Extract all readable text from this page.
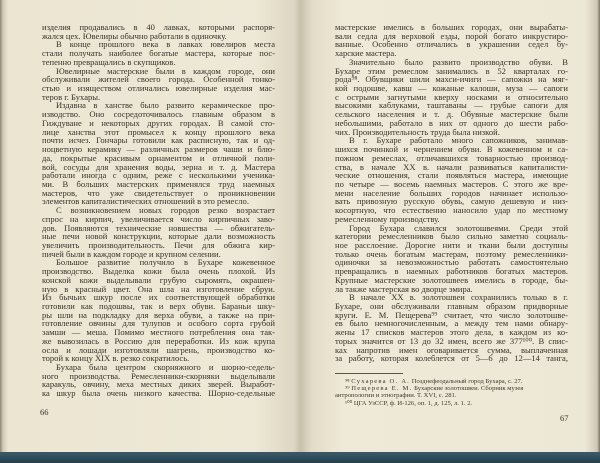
изделия продавались в 40 лавках, которыми распоря-
жался цех. Ювелиры обычно работали в одиночку.
В конце прошлого века в лавках ювелиров места
стали получать наиболее богатые мастера, которые пос-
тепенно превращались в скупщиков.
Ювелирные мастерские были в каждом городе, они
обслуживали жителей своего города. Особенной тонко-
стью и изяществом отличались ювелирные изделия мас-
теров г. Бухары.
Издавна в ханстве было развито керамическое про-
изводство. Оно сосредоточивалось главным образом в
Гиждуване и некоторых других городах. В самой сто-
лице ханства этот промысел к концу прошлого века
почти исчез. Гончары готовили как расписную, так и од-
ноцветную керамику — различных размеров чаши и блю-
да, покрытые красивым орнаментом и отличной поли-
вой, сосуды для хранения воды, зерна и т. д. Мастера
работали иногда с одним, реже с несколькими ученика-
ми. В больших мастерских применялся труд наемных
мастеров, что уже свидетельствует о проникновении
элементов капиталистических отношений в это ремесло.
С возникновением новых городов резко возрастает
спрос на кирпич, увеличивается число кирпичных заво-
дов. Появляются технические новшества — обжигатель-
ные печи новой конструкции, которые дали возможность
увеличить производительность. Печи для обжига кир-
пичей были в каждом городе и крупном селении.
Большое развитие получило в Бухаре кожевенное
производство. Выделка кожи была очень плохой. Из
конской кожи выделывали грубую сыромять, окрашен-
ную в красный цвет. Она шла на изготовление сбруи.
Из бычьих шкур после их соответствующей обработки
готовили как подошвы, так и верх обуви. Бараньи шку-
ры шли на подкладку для верха обуви, а также на при-
готовление овчины для тулупов и особого сорта грубой
замши — меша. Помимо местного потребления она так-
же вывозилась в Россию для переработки. Из кож крупа
осла и лошади изготовляли шагрень, производство ко-
торой к концу XIX в. резко сократилось.
Бухара была центром скорняжного и шорно-седель-
ного производства. Ремесленники-скорняки выделывали
каракуль, овчину, меха местных диких зверей. Выработ-
ка шкур была очень низкого качества. Шорно-седельные
66
мастерские имелись в больших городах, они вырабаты-
вали седла для верховой езды, порой богато инкрустиро-
ванные. Особенно отличались в украшении седел бу-
харские мастера.
Значительно было развито производство обуви. В
Бухаре этим ремеслом занимались в 52 кварталах го-
рода⁹⁸. Обувщики шили махси-ичиги — сапожки на мяг-
кой подошве, кавш — кожаные калоши, муза — сапоги
с острыми загнутыми кверху носками и относительно
высокими каблуками, таштаваны — грубые сапоги для
сельского населения и т. д. Обувные мастерские были
небольшими, работало в них от одного до шести рабо-
чих. Производительность труда была низкой.
В г. Бухаре работало много сапожников, занимав-
шихся починкой и чернением обуви. В кожевенном и са-
пожном ремеслах, отличавшихся товарностью производ-
ства, в начале XX в. начали развиваться капиталисти-
ческие отношения, стали появляться мастера, имеющие
по четыре — восемь наемных мастеров. С этого же вре-
мени население больших городов начинает использо-
вать привозную русскую обувь, самую дешевую и низ-
косортную, что естественно наносило удар по местному
ремесленному производству.
Город Бухара славился золотошвеями. Среди этой
категории ремесленников было сильно заметно социаль-
ное расслоение. Дорогие нити и ткани были доступны
только очень богатым мастерам, поэтому ремесленники-
одиночки за невозможностью работать самостоятельно
превращались в наемных работников богатых мастеров.
Крупные мастерские золотошвеев имелись в городе, бы-
ла также мастерская во дворце эмира.
В начале XX в. золотошвеи сохранились только в г.
Бухаре, они обслуживали главным образом придворные
круги. Е. М. Пещерева⁹⁹ считает, что число золотошве-
ев было немногочисленным, а между тем нами обнару-
жены 17 списков мастеров этого дела, в каждом из ко-
торых значится от 13 до 32 имен, всего же 377¹⁰⁰. В спис-
ках напротив имен оговаривается сумма, выплаченная
за работу, которая колеблется от 5—6 до 12—14 танга,
⁹⁸ Сухарева О. А. Позднефеодальный город Бухара, с. 27.
⁹⁹ Пещерева Е. М. Бухарские золотошвеи. Сборник музея
антропологии и этнографии. Т. XVI, с. 281.
¹⁰⁰ ЦГА УзССР, ф. И-126, оп. 1, д. 125, л. 1. 2.
67
